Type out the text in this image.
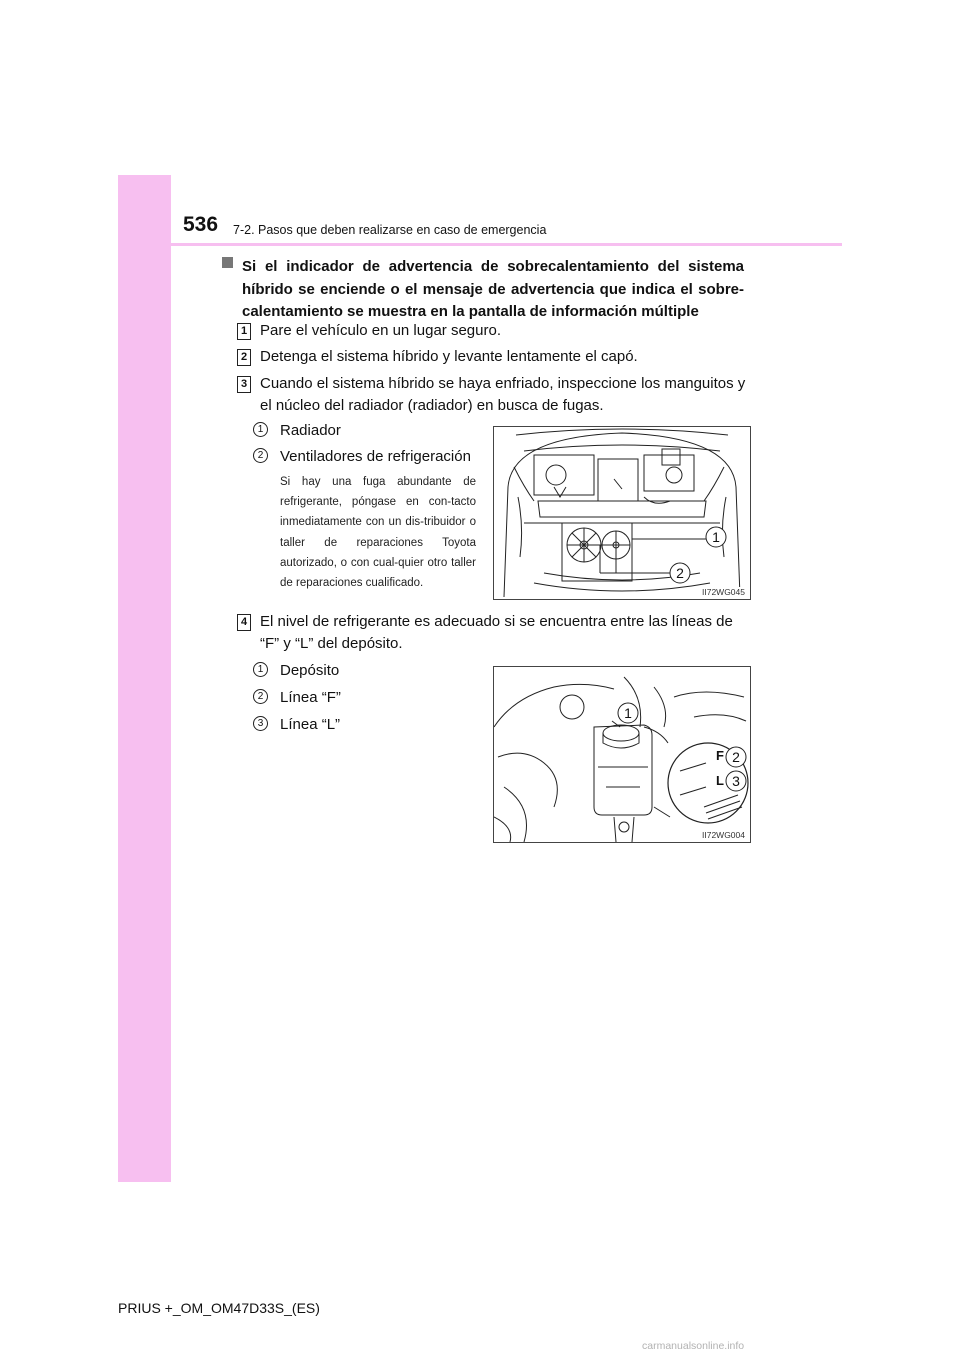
536 7-2. Pasos que deben realizarse en caso de emergencia
Si el indicador de advertencia de sobrecalentamiento del sistema híbrido se enciende o el mensaje de advertencia que indica el sobre-calentamiento se muestra en la pantalla de información múltiple
1 Pare el vehículo en un lugar seguro.
2 Detenga el sistema híbrido y levante lentamente el capó.
3 Cuando el sistema híbrido se haya enfriado, inspeccione los manguitos y el núcleo del radiador (radiador) en busca de fugas.
1	Radiador
2	Ventiladores de refrigeración
Si hay una fuga abundante de refrigerante, póngase en con-tacto inmediatamente con un dis-tribuidor o taller de reparaciones Toyota autorizado, o con cual-quier otro taller de reparaciones cualificado.
1
2
II72WG045
4 El nivel de refrigerante es adecuado si se encuentra entre las líneas de “F” y “L” del depósito.
1	Depósito
2	Línea “F”
3	Línea “L”
F
L
1
2
3
II72WG004
PRIUS +_OM_OM47D33S_(ES)
carmanualsonline.info
